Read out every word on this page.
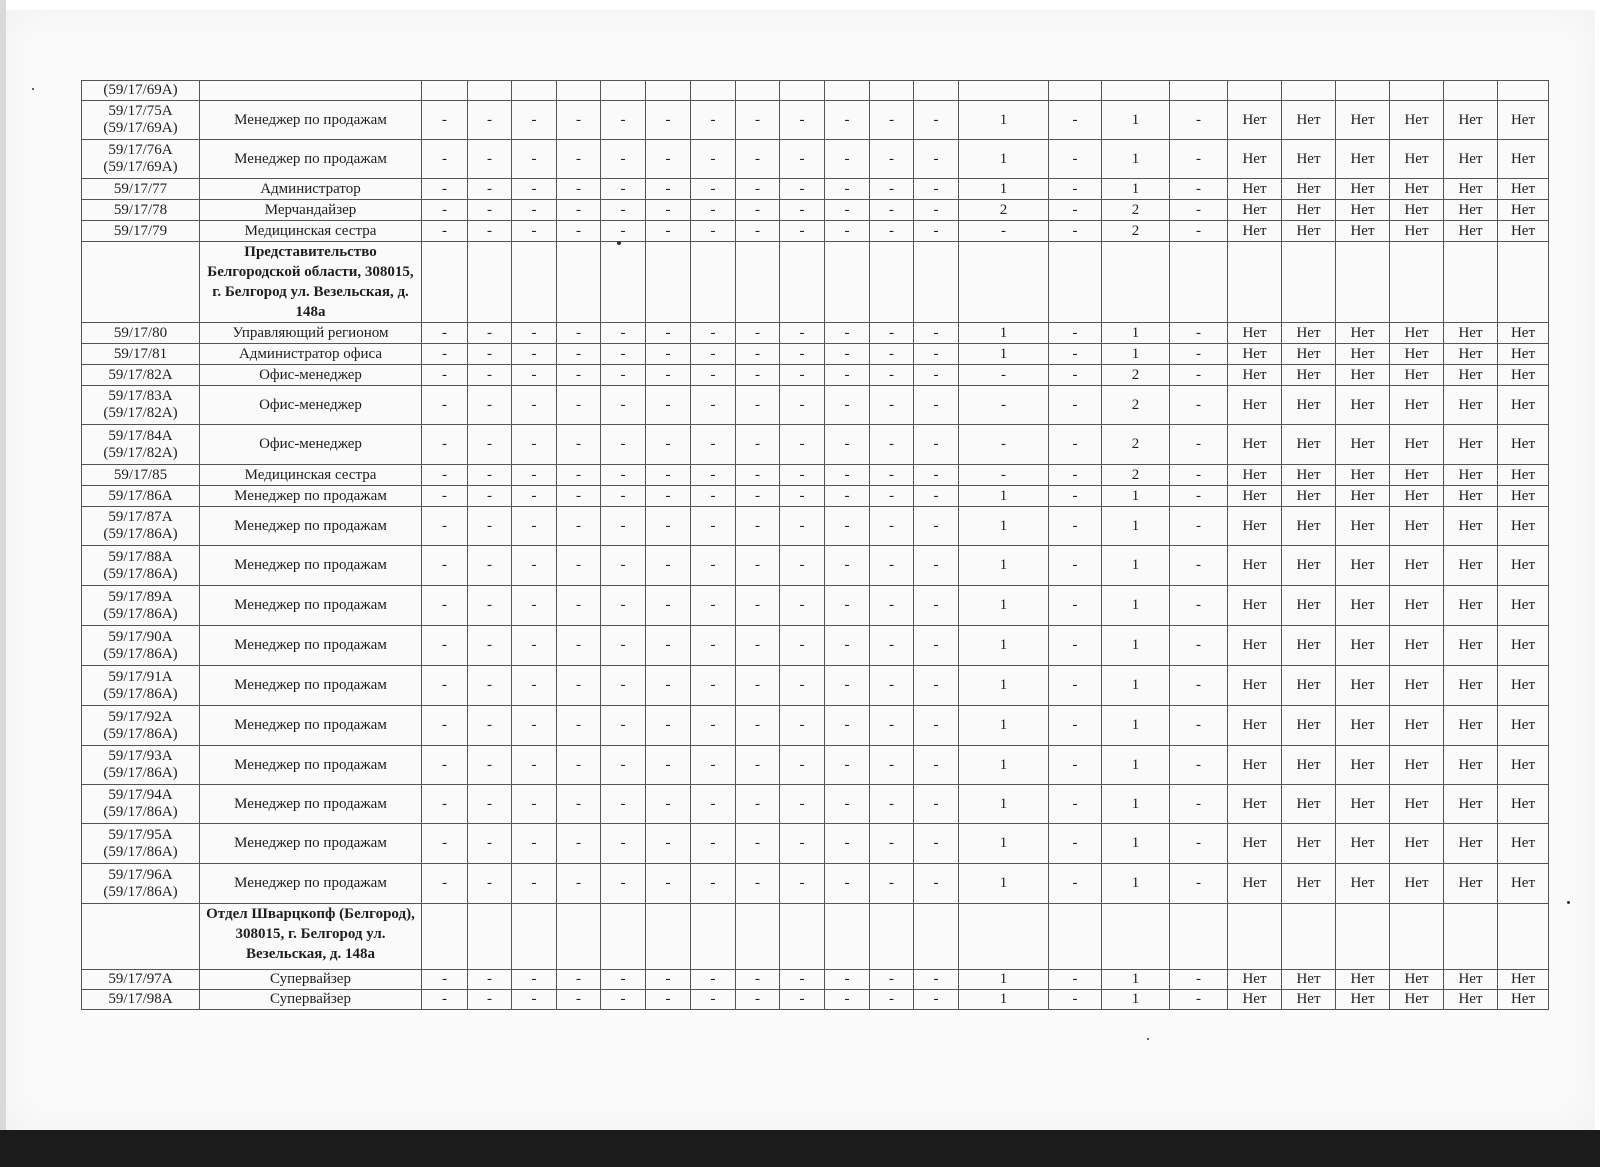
(59/17/69А)																							
59/17/75А (59/17/69А)	Менеджер по продажам	-	-	-	-	-	-	-	-	-	-	-	-	1	-	1	-	Нет	Нет	Нет	Нет	Нет	Нет
59/17/76А (59/17/69А)	Менеджер по продажам	-	-	-	-	-	-	-	-	-	-	-	-	1	-	1	-	Нет	Нет	Нет	Нет	Нет	Нет
59/17/77	Администратор	-	-	-	-	-	-	-	-	-	-	-	-	1	-	1	-	Нет	Нет	Нет	Нет	Нет	Нет
59/17/78	Мерчандайзер	-	-	-	-	-	-	-	-	-	-	-	-	2	-	2	-	Нет	Нет	Нет	Нет	Нет	Нет
59/17/79	Медицинская сестра	-	-	-	-	-	-	-	-	-	-	-	-	-	-	2	-	Нет	Нет	Нет	Нет	Нет	Нет
	Представительство Белгородской области, 308015, г. Белгород ул. Везельская, д. 148а																						
59/17/80	Управляющий регионом	-	-	-	-	-	-	-	-	-	-	-	-	1	-	1	-	Нет	Нет	Нет	Нет	Нет	Нет
59/17/81	Администратор офиса	-	-	-	-	-	-	-	-	-	-	-	-	1	-	1	-	Нет	Нет	Нет	Нет	Нет	Нет
59/17/82А	Офис-менеджер	-	-	-	-	-	-	-	-	-	-	-	-	-	-	2	-	Нет	Нет	Нет	Нет	Нет	Нет
59/17/83А (59/17/82А)	Офис-менеджер	-	-	-	-	-	-	-	-	-	-	-	-	-	-	2	-	Нет	Нет	Нет	Нет	Нет	Нет
59/17/84А (59/17/82А)	Офис-менеджер	-	-	-	-	-	-	-	-	-	-	-	-	-	-	2	-	Нет	Нет	Нет	Нет	Нет	Нет
59/17/85	Медицинская сестра	-	-	-	-	-	-	-	-	-	-	-	-	-	-	2	-	Нет	Нет	Нет	Нет	Нет	Нет
59/17/86А	Менеджер по продажам	-	-	-	-	-	-	-	-	-	-	-	-	1	-	1	-	Нет	Нет	Нет	Нет	Нет	Нет
59/17/87А (59/17/86А)	Менеджер по продажам	-	-	-	-	-	-	-	-	-	-	-	-	1	-	1	-	Нет	Нет	Нет	Нет	Нет	Нет
59/17/88А (59/17/86А)	Менеджер по продажам	-	-	-	-	-	-	-	-	-	-	-	-	1	-	1	-	Нет	Нет	Нет	Нет	Нет	Нет
59/17/89А (59/17/86А)	Менеджер по продажам	-	-	-	-	-	-	-	-	-	-	-	-	1	-	1	-	Нет	Нет	Нет	Нет	Нет	Нет
59/17/90А (59/17/86А)	Менеджер по продажам	-	-	-	-	-	-	-	-	-	-	-	-	1	-	1	-	Нет	Нет	Нет	Нет	Нет	Нет
59/17/91А (59/17/86А)	Менеджер по продажам	-	-	-	-	-	-	-	-	-	-	-	-	1	-	1	-	Нет	Нет	Нет	Нет	Нет	Нет
59/17/92А (59/17/86А)	Менеджер по продажам	-	-	-	-	-	-	-	-	-	-	-	-	1	-	1	-	Нет	Нет	Нет	Нет	Нет	Нет
59/17/93А (59/17/86А)	Менеджер по продажам	-	-	-	-	-	-	-	-	-	-	-	-	1	-	1	-	Нет	Нет	Нет	Нет	Нет	Нет
59/17/94А (59/17/86А)	Менеджер по продажам	-	-	-	-	-	-	-	-	-	-	-	-	1	-	1	-	Нет	Нет	Нет	Нет	Нет	Нет
59/17/95А (59/17/86А)	Менеджер по продажам	-	-	-	-	-	-	-	-	-	-	-	-	1	-	1	-	Нет	Нет	Нет	Нет	Нет	Нет
59/17/96А (59/17/86А)	Менеджер по продажам	-	-	-	-	-	-	-	-	-	-	-	-	1	-	1	-	Нет	Нет	Нет	Нет	Нет	Нет
	Отдел Шварцкопф (Белгород), 308015, г. Белгород ул. Везельская, д. 148а																						
59/17/97А	Супервайзер	-	-	-	-	-	-	-	-	-	-	-	-	1	-	1	-	Нет	Нет	Нет	Нет	Нет	Нет
59/17/98А	Супервайзер	-	-	-	-	-	-	-	-	-	-	-	-	1	-	1	-	Нет	Нет	Нет	Нет	Нет	Нет
